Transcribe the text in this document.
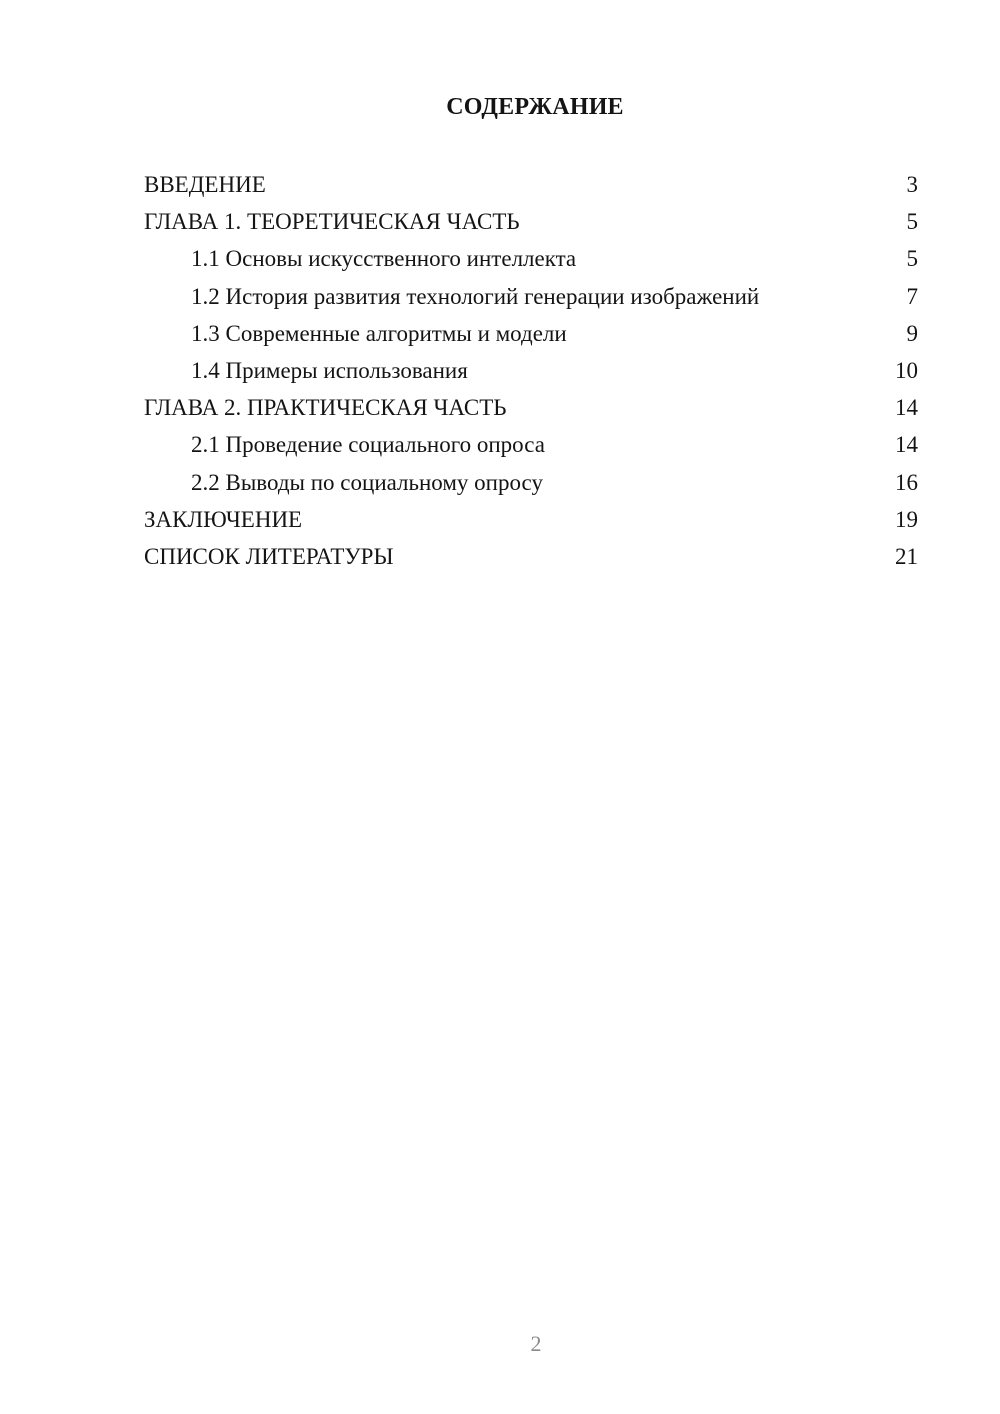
СОДЕРЖАНИЕ
ВВЕДЕНИЕ	3
ГЛАВА 1. ТЕОРЕТИЧЕСКАЯ ЧАСТЬ	5
1.1 Основы искусственного интеллекта	5
1.2 История развития технологий генерации изображений	7
1.3 Современные алгоритмы и модели	9
1.4 Примеры использования	10
ГЛАВА 2. ПРАКТИЧЕСКАЯ ЧАСТЬ	14
2.1 Проведение социального опроса	14
2.2 Выводы по социальному опросу	16
ЗАКЛЮЧЕНИЕ	19
СПИСОК ЛИТЕРАТУРЫ	21
2
